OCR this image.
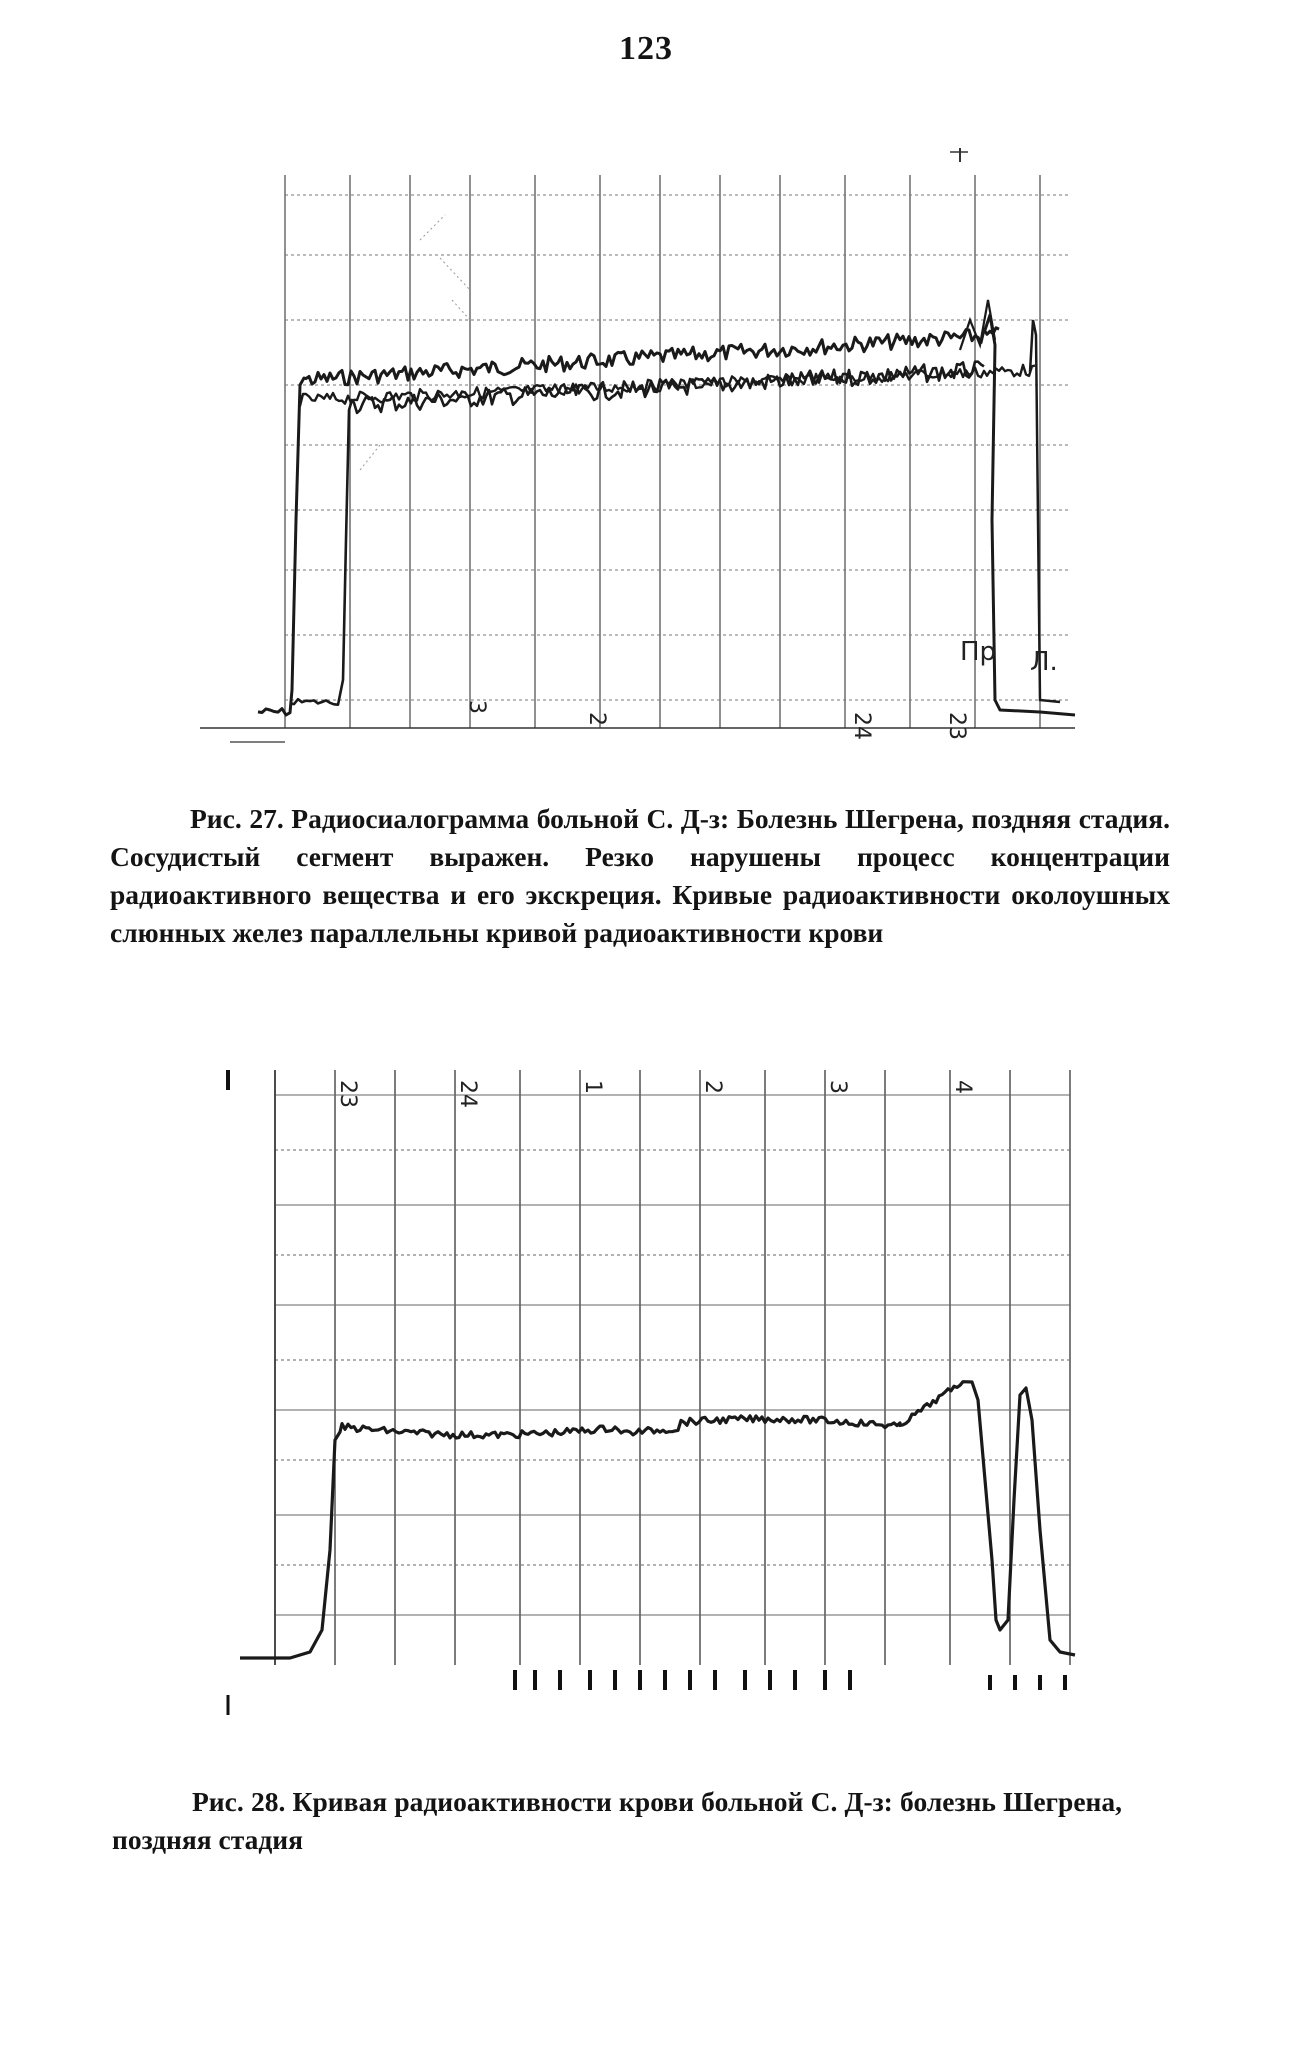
123
3
2	24	23
Пр Л.
Рис. 27. Радиосиалограмма больной С. Д-з: Болезнь Шегрена, поздняя стадия. Сосудистый сегмент выражен. Резко нарушены процесс концентрации радиоактивного вещества и его экскреция. Кривые радиоактивности околоушных слюнных желез параллельны кривой радиоактивности крови
23	24	1	2	3	4
Рис. 28. Кривая радиоактивности крови больной С. Д-з: болезнь Шегрена, поздняя стадия
